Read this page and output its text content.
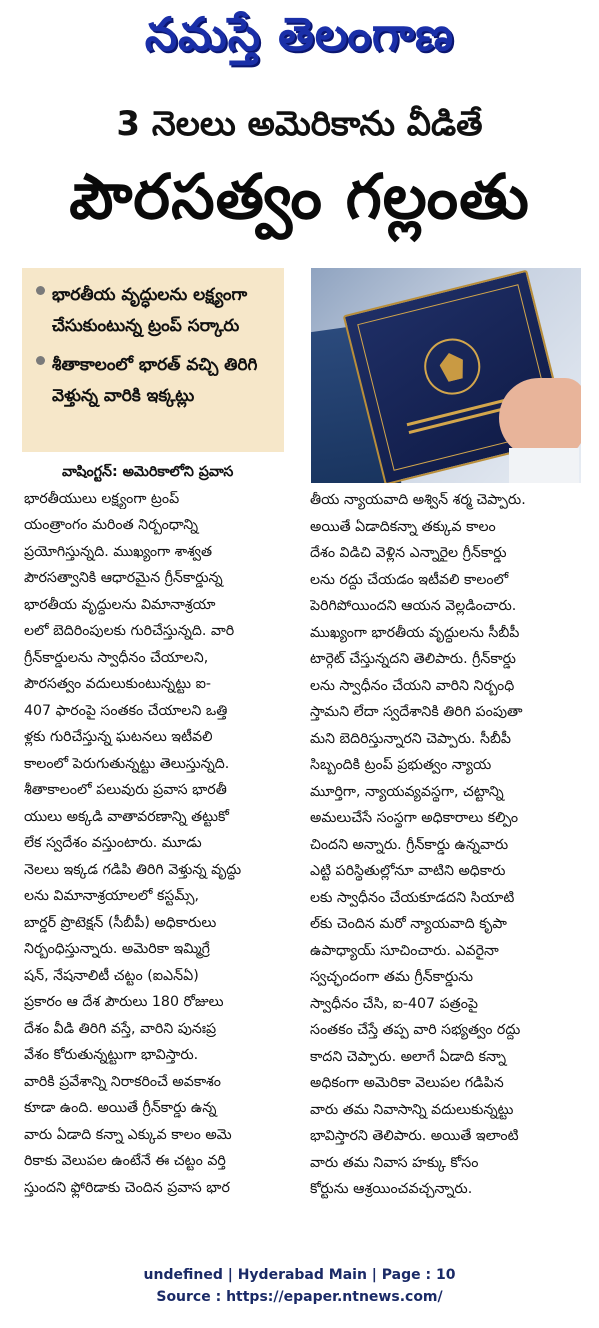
నమస్తే తెలంగాణ
3 నెలలు అమెరికాను వీడితే
పౌరసత్వం గల్లంతు
భారతీయ వృద్ధులను లక్ష్యంగా చేసుకుంటున్న ట్రంప్ సర్కారు
శీతాకాలంలో భారత్ వచ్చి తిరిగి వెళ్తున్న వారికి ఇక్కట్లు
వాషింగ్టన్: అమెరికాలోని ప్రవాస
భారతీయులు లక్ష్యంగా ట్రంప్
యంత్రాంగం మరింత నిర్బంధాన్ని
ప్రయోగిస్తున్నది. ముఖ్యంగా శాశ్వత
పౌరసత్వానికి ఆధారమైన గ్రీన్‌కార్డున్న
భారతీయ వృద్ధులను విమానాశ్రయా
లలో బెదిరింపులకు గురిచేస్తున్నది. వారి
గ్రీన్‌కార్డులను స్వాధీనం చేయాలని,
పౌరసత్వం వదులుకుంటున్నట్టు ఐ-
407 ఫారంపై సంతకం చేయాలని ఒత్తి
ళ్లకు గురిచేస్తున్న ఘటనలు ఇటీవలి
కాలంలో పెరుగుతున్నట్టు తెలుస్తున్నది.
శీతాకాలంలో పలువురు ప్రవాస భారతీ
యులు అక్కడి వాతావరణాన్ని తట్టుకో
లేక స్వదేశం వస్తుంటారు. మూడు
నెలలు ఇక్కడ గడిపి తిరిగి వెళ్తున్న వృద్ధు
లను విమానాశ్రయాలలో కస్టమ్స్,
బార్డర్ ప్రొటెక్షన్ (సీబీపీ) అధికారులు
నిర్బంధిస్తున్నారు. అమెరికా ఇమ్మిగ్రే
షన్, నేషనాలిటీ చట్టం (ఐఎన్‌ఏ)
ప్రకారం ఆ దేశ పౌరులు 180 రోజులు
దేశం వీడి తిరిగి వస్తే, వారిని పునఃప్ర
వేశం కోరుతున్నట్టుగా భావిస్తారు.
వారికి ప్రవేశాన్ని నిరాకరించే అవకాశం
కూడా ఉంది. అయితే గ్రీన్‌కార్డు ఉన్న
వారు ఏడాది కన్నా ఎక్కువ కాలం అమె
రికాకు వెలుపల ఉంటేనే ఈ చట్టం వర్తి
స్తుందని ఫ్లోరిడాకు చెందిన ప్రవాస భార
తీయ న్యాయవాది అశ్విన్ శర్మ చెప్పారు.
అయితే ఏడాదికన్నా తక్కువ కాలం
దేశం విడిచి వెళ్లిన ఎన్నారైల గ్రీన్‌కార్డు
లను రద్దు చేయడం ఇటీవలి కాలంలో
పెరిగిపోయిందని ఆయన వెల్లడించారు.
ముఖ్యంగా భారతీయ వృద్ధులను సీబీపీ
టార్గెట్ చేస్తున్నదని తెలిపారు. గ్రీన్‌కార్డు
లను స్వాధీనం చేయని వారిని నిర్బంధి
స్తామని లేదా స్వదేశానికి తిరిగి పంపుతా
మని బెదిరిస్తున్నారని చెప్పారు. సీబీపీ
సిబ్బందికి ట్రంప్ ప్రభుత్వం న్యాయ
మూర్తిగా, న్యాయవ్యవస్థగా, చట్టాన్ని
అమలుచేసే సంస్థగా అధికారాలు కల్పిం
చిందని అన్నారు. గ్రీన్‌కార్డు ఉన్నవారు
ఎట్టి పరిస్థితుల్లోనూ వాటిని అధికారు
లకు స్వాధీనం చేయకూడదని సియాటి
ల్‌కు చెందిన మరో న్యాయవాది కృపా
ఉపాధ్యాయ్ సూచించారు. ఎవరైనా
స్వచ్ఛందంగా తమ గ్రీన్‌కార్డును
స్వాధీనం చేసి, ఐ-407 పత్రంపై
సంతకం చేస్తే తప్ప వారి సభ్యత్వం రద్దు
కాదని చెప్పారు. అలాగే ఏడాది కన్నా
అధికంగా అమెరికా వెలుపల గడిపిన
వారు తమ నివాసాన్ని వదులుకున్నట్టు
భావిస్తారని తెలిపారు. అయితే ఇలాంటి
వారు తమ నివాస హక్కు కోసం
కోర్టును ఆశ్రయించవచ్చన్నారు.
undefined | Hyderabad Main | Page : 10
Source : https://epaper.ntnews.com/
